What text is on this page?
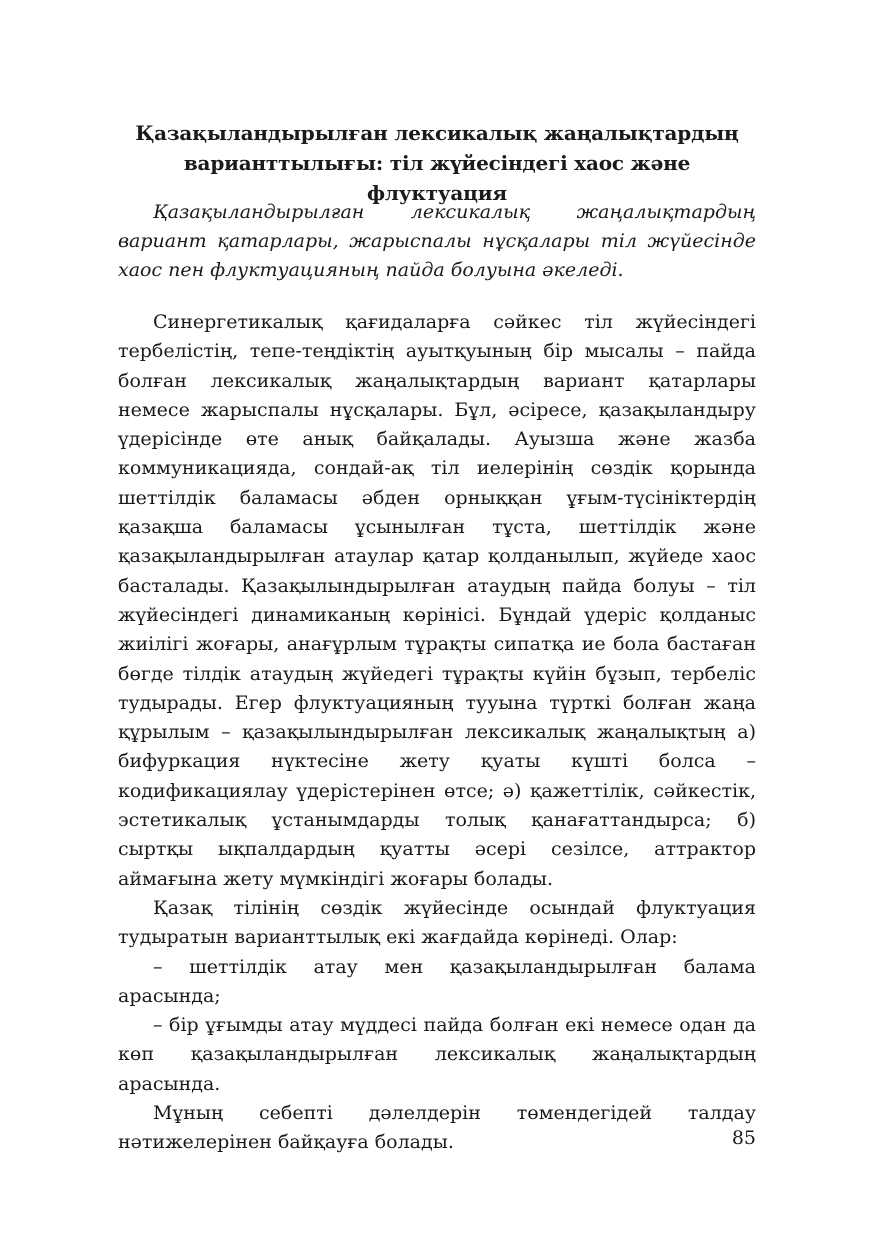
Қазақыландырылған лексикалық жаңалықтардың
варианттылығы: тіл жүйесіндегі хаос және флуктуация
Қазақыландырылған лексикалық жаңалықтардың вариант қатарлары, жарыспалы нұсқалары тіл жүйесінде хаос пен флуктуацияның пайда болуына әкеледі.

Синергетикалық қағидаларға сәйкес тіл жүйесіндегі тербелістің, тепе-теңдіктің ауытқуының бір мысалы – пайда болған лексикалық жаңалықтардың вариант қатарлары немесе жарыспалы нұсқалары. Бұл, әсіресе, қазақыландыру үдерісінде өте анық байқалады. Ауызша және жазба коммуникацияда, сондай-ақ тіл иелерінің сөздік қорында шеттілдік баламасы әбден орныққан ұғым-түсініктердің қазақша баламасы ұсынылған тұста, шеттілдік және қазақыландырылған атаулар қатар қолданылып, жүйеде хаос басталады. Қазақылындырылған атаудың пайда болуы – тіл жүйесіндегі динамиканың көрінісі. Бұндай үдеріс қолданыс жиілігі жоғары, анағұрлым тұрақты сипатқа ие бола бастаған бөгде тілдік атаудың жүйедегі тұрақты күйін бұзып, тербеліс тудырады. Егер флуктуацияның тууына түрткі болған жаңа құрылым – қазақылындырылған лексикалық жаңалықтың а) бифуркация нүктесіне жету қуаты күшті болса – кодификациялау үдерістерінен өтсе; ә) қажеттілік, сәйкестік, эстетикалық ұстанымдарды толық қанағаттандырса; б) сыртқы ықпалдардың қуатты әсері сезілсе, аттрактор аймағына жету мүмкіндігі жоғары болады.

Қазақ тілінің сөздік жүйесінде осындай флуктуация тудыратын варианттылық екі жағдайда көрінеді. Олар:

– шеттілдік атау мен қазақыландырылған балама арасында;

– бір ұғымды атау мүддесі пайда болған екі немесе одан да көп қазақыландырылған лексикалық жаңалықтардың арасында.

Мұның себепті дәлелдерін төмендегідей талдау нәтижелерінен байқауға болады.	85
